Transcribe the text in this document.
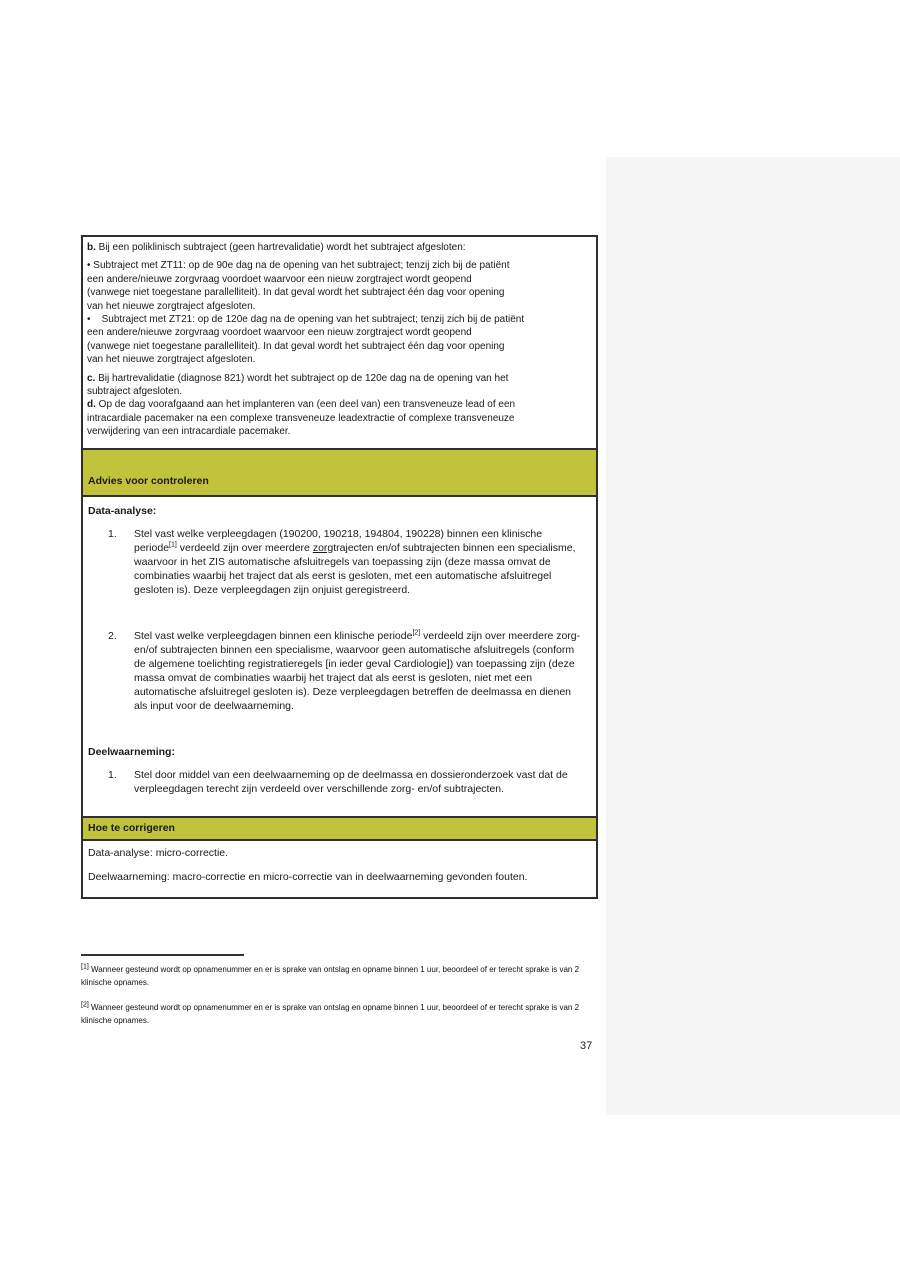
b. Bij een poliklinisch subtraject (geen hartrevalidatie) wordt het subtraject afgesloten:
• Subtraject met ZT11: op de 90e dag na de opening van het subtraject; tenzij zich bij de patiënt
een andere/nieuwe zorgvraag voordoet waarvoor een nieuw zorgtraject wordt geopend
(vanwege niet toegestane parallelliteit). In dat geval wordt het subtraject één dag voor opening
van het nieuwe zorgtraject afgesloten.
•    Subtraject met ZT21: op de 120e dag na de opening van het subtraject; tenzij zich bij de patiënt
een andere/nieuwe zorgvraag voordoet waarvoor een nieuw zorgtraject wordt geopend
(vanwege niet toegestane parallelliteit). In dat geval wordt het subtraject één dag voor opening
van het nieuwe zorgtraject afgesloten.
c. Bij hartrevalidatie (diagnose 821) wordt het subtraject op de 120e dag na de opening van het
subtraject afgesloten.
d. Op de dag voorafgaand aan het implanteren van (een deel van) een transveneuze lead of een
intracardiale pacemaker na een complexe transveneuze leadextractie of complexe transveneuze
verwijdering van een intracardiale pacemaker.
Advies voor controleren
Data-analyse:
1.	Stel vast welke verpleegdagen (190200, 190218, 194804, 190228) binnen een klinische periode[1] verdeeld zijn over meerdere zorgtrajecten en/of subtrajecten binnen een specialisme, waarvoor in het ZIS automatische afsluitregels van toepassing zijn (deze massa omvat de combinaties waarbij het traject dat als eerst is gesloten, met een automatische afsluitregel gesloten is). Deze verpleegdagen zijn onjuist geregistreerd.
2.	Stel vast welke verpleegdagen binnen een klinische periode[2] verdeeld zijn over meerdere zorg- en/of subtrajecten binnen een specialisme, waarvoor geen automatische afsluitregels (conform de algemene toelichting registratieregels [in ieder geval Cardiologie]) van toepassing zijn (deze massa omvat de combinaties waarbij het traject dat als eerst is gesloten, niet met een automatische afsluitregel gesloten is). Deze verpleegdagen betreffen de deelmassa en dienen als input voor de deelwaarneming.
Deelwaarneming:
1.	Stel door middel van een deelwaarneming op de deelmassa en dossieronderzoek vast dat de verpleegdagen terecht zijn verdeeld over verschillende zorg- en/of subtrajecten.
Hoe te corrigeren
Data-analyse: micro-correctie.
Deelwaarneming: macro-correctie en micro-correctie van in deelwaarneming gevonden fouten.
[1] Wanneer gesteund wordt op opnamenummer en er is sprake van ontslag en opname binnen 1 uur, beoordeel of er terecht sprake is van 2 klinische opnames.
[2] Wanneer gesteund wordt op opnamenummer en er is sprake van ontslag en opname binnen 1 uur, beoordeel of er terecht sprake is van 2 klinische opnames.
37
